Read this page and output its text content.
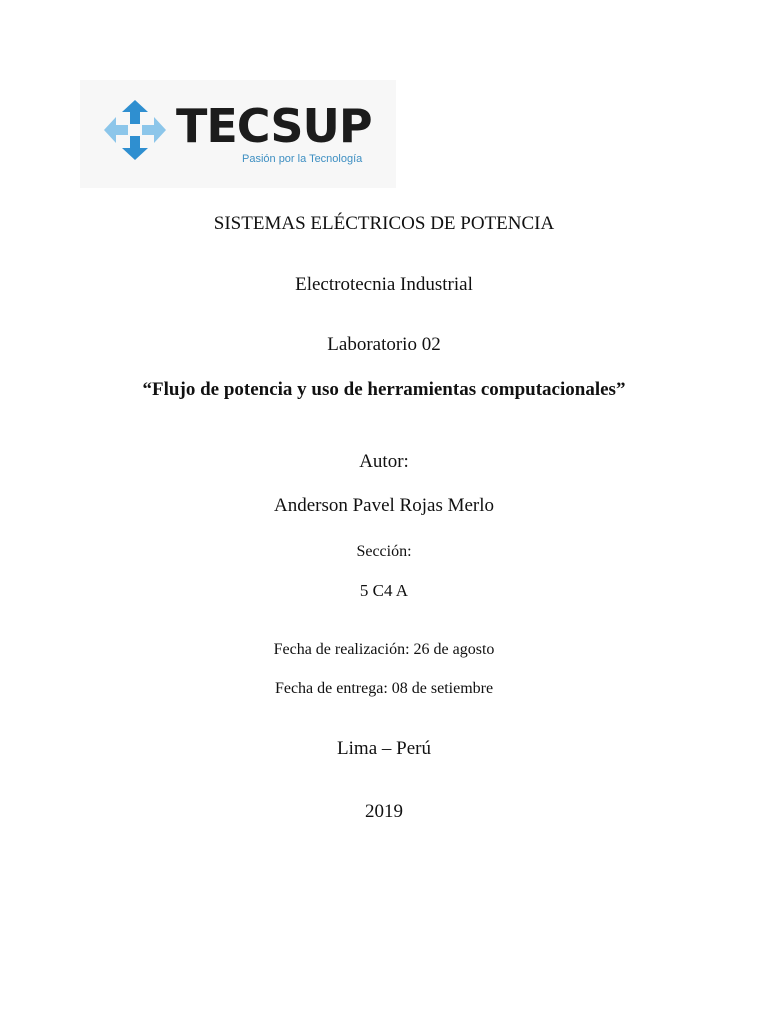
TECSUP
Pasión por la Tecnología
SISTEMAS ELÉCTRICOS DE POTENCIA
Electrotecnia Industrial
Laboratorio 02
“Flujo de potencia y uso de herramientas computacionales”
Autor:
Anderson Pavel Rojas Merlo
Sección:
5 C4 A
Fecha de realización: 26 de agosto
Fecha de entrega: 08 de setiembre
Lima – Perú
2019
